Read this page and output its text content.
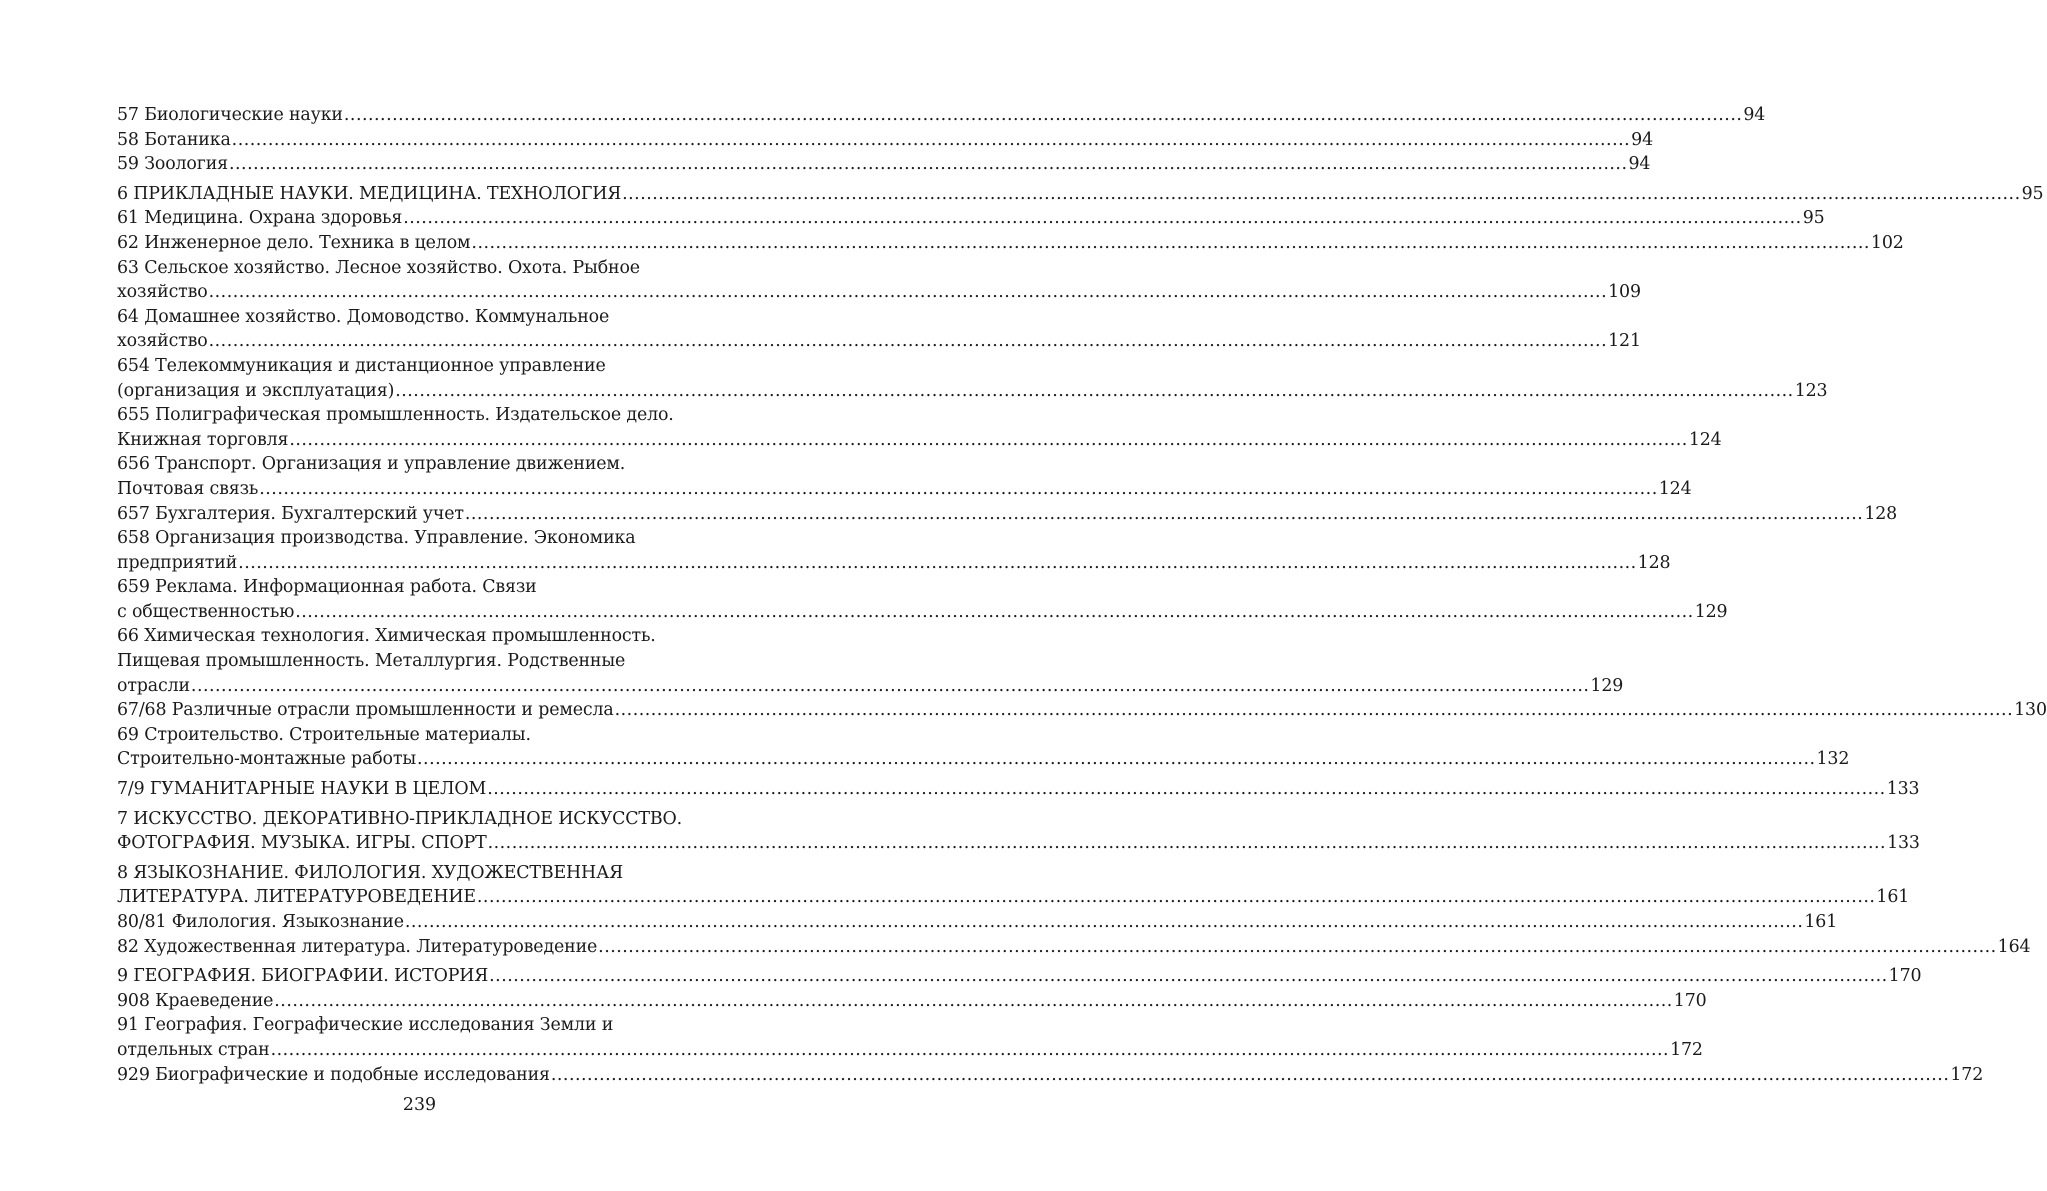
57 Биологические науки .....	94
58 Ботаника .....	94
59 Зоология .....	94
6 ПРИКЛАДНЫЕ НАУКИ. МЕДИЦИНА. ТЕХНОЛОГИЯ .....	95
61 Медицина. Охрана здоровья .....	95
62 Инженерное дело. Техника в целом .....	102
63 Сельское хозяйство. Лесное хозяйство. Охота. Рыбное
хозяйство .....	109
64 Домашнее хозяйство. Домоводство. Коммунальное
хозяйство .....	121
654 Телекоммуникация и дистанционное управление
(организация и эксплуатация) .....	123
655 Полиграфическая промышленность. Издательское дело.
Книжная торговля .....	124
656 Транспорт. Организация и управление движением.
Почтовая связь .....	124
657 Бухгалтерия. Бухгалтерский учет .....	128
658 Организация производства. Управление. Экономика
предприятий .....	128
659 Реклама. Информационная работа. Связи
с общественностью .....	129
66 Химическая технология. Химическая промышленность.
Пищевая промышленность. Металлургия. Родственные
отрасли .....	129
67/68 Различные отрасли промышленности и ремесла .....	130
69 Строительство. Строительные материалы.
Строительно-монтажные работы .....	132
7/9 ГУМАНИТАРНЫЕ НАУКИ В ЦЕЛОМ .....	133
7 ИСКУССТВО. ДЕКОРАТИВНО-ПРИКЛАДНОЕ ИСКУССТВО.
ФОТОГРАФИЯ. МУЗЫКА. ИГРЫ. СПОРТ .....	133
8 ЯЗЫКОЗНАНИЕ. ФИЛОЛОГИЯ. ХУДОЖЕСТВЕННАЯ
ЛИТЕРАТУРА. ЛИТЕРАТУРОВЕДЕНИЕ .....	161
80/81 Филология. Языкознание .....	161
82 Художественная литература. Литературоведение .....	164
9 ГЕОГРАФИЯ. БИОГРАФИИ. ИСТОРИЯ .....	170
908 Краеведение .....	170
91 География. Географические исследования Земли и
отдельных стран .....	172
929 Биографические и подобные исследования .....	172
239
